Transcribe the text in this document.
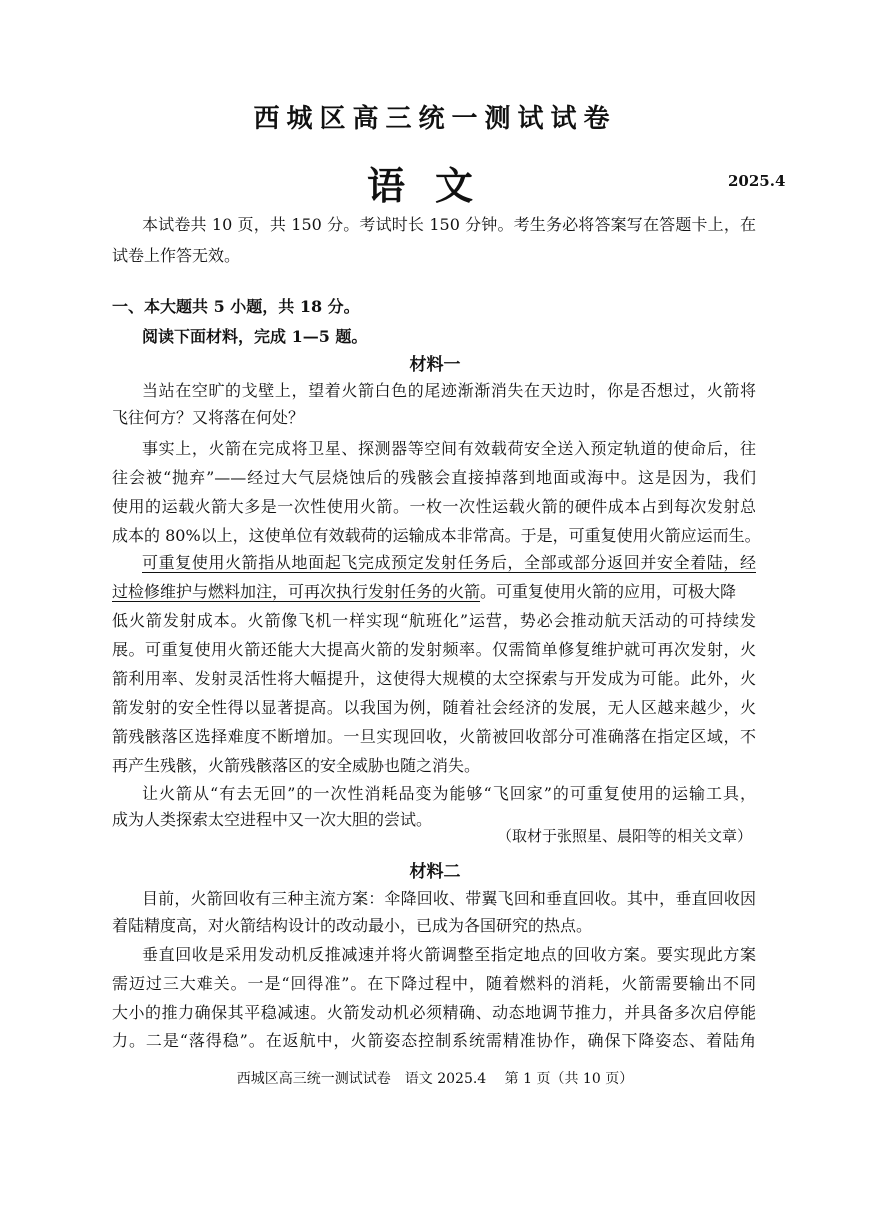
西城区高三统一测试试卷
语文	2025.4
本试卷共 10 页，共 150 分。考试时长 150 分钟。考生务必将答案写在答题卡上，在
试卷上作答无效。
一、本大题共 5 小题，共 18 分。
阅读下面材料，完成 1—5 题。
材料一
当站在空旷的戈壁上，望着火箭白色的尾迹渐渐消失在天边时，你是否想过，火箭将
飞往何方？又将落在何处？
事实上，火箭在完成将卫星、探测器等空间有效载荷安全送入预定轨道的使命后，往
往会被“抛弃”——经过大气层烧蚀后的残骸会直接掉落到地面或海中。这是因为，我们
使用的运载火箭大多是一次性使用火箭。一枚一次性运载火箭的硬件成本占到每次发射总
成本的 80%以上，这使单位有效载荷的运输成本非常高。于是，可重复使用火箭应运而生。
可重复使用火箭指从地面起飞完成预定发射任务后，全部或部分返回并安全着陆，经
过检修维护与燃料加注，可再次执行发射任务的火箭。可重复使用火箭的应用，可极大降
低火箭发射成本。火箭像飞机一样实现“航班化”运营，势必会推动航天活动的可持续发
展。可重复使用火箭还能大大提高火箭的发射频率。仅需简单修复维护就可再次发射，火
箭利用率、发射灵活性将大幅提升，这使得大规模的太空探索与开发成为可能。此外，火
箭发射的安全性得以显著提高。以我国为例，随着社会经济的发展，无人区越来越少，火
箭残骸落区选择难度不断增加。一旦实现回收，火箭被回收部分可准确落在指定区域，不
再产生残骸，火箭残骸落区的安全威胁也随之消失。
让火箭从“有去无回”的一次性消耗品变为能够“飞回家”的可重复使用的运输工具，
成为人类探索太空进程中又一次大胆的尝试。
（取材于张照星、晨阳等的相关文章）
材料二
目前，火箭回收有三种主流方案：伞降回收、带翼飞回和垂直回收。其中，垂直回收因
着陆精度高，对火箭结构设计的改动最小，已成为各国研究的热点。
垂直回收是采用发动机反推减速并将火箭调整至指定地点的回收方案。要实现此方案
需迈过三大难关。一是“回得准”。在下降过程中，随着燃料的消耗，火箭需要输出不同
大小的推力确保其平稳减速。火箭发动机必须精确、动态地调节推力，并具备多次启停能
力。二是“落得稳”。在返航中，火箭姿态控制系统需精准协作，确保下降姿态、着陆角
西城区高三统一测试试卷　语文 2025.4　 第 1 页（共 10 页）
